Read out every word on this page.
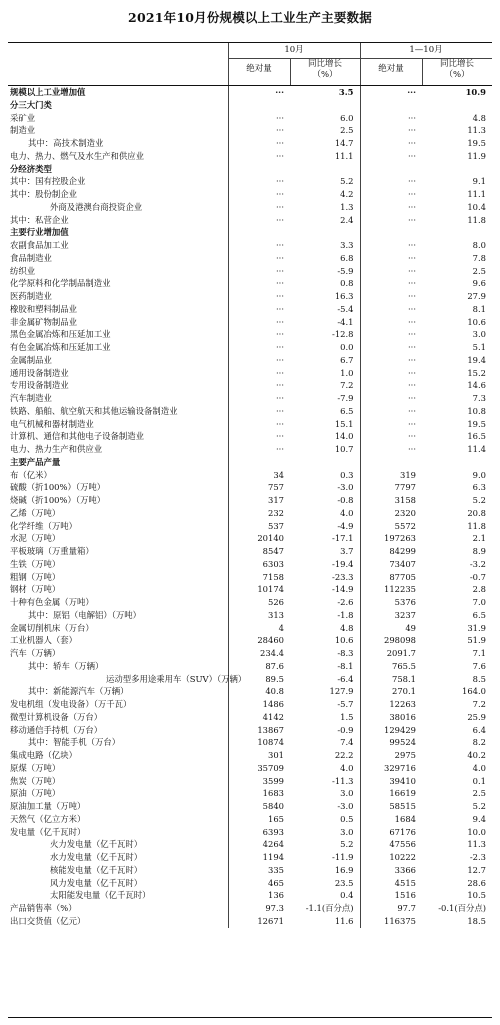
2021年10月份规模以上工业生产主要数据
10月	1—10月
绝对量	同比增长
（%）
绝对量	同比增长
（%）
规模以上工业增加值	···	3.5	···	10.9
分三大门类				
采矿业	···	6.0	···	4.8
制造业	···	2.5	···	11.3
其中：高技术制造业	···	14.7	···	19.5
电力、热力、燃气及水生产和供应业	···	11.1	···	11.9
分经济类型				
其中：国有控股企业	···	5.2	···	9.1
其中：股份制企业	···	4.2	···	11.1
外商及港澳台商投资企业	···	1.3	···	10.4
其中：私营企业	···	2.4	···	11.8
主要行业增加值				
农副食品加工业	···	3.3	···	8.0
食品制造业	···	6.8	···	7.8
纺织业	···	-5.9	···	2.5
化学原料和化学制品制造业	···	0.8	···	9.6
医药制造业	···	16.3	···	27.9
橡胶和塑料制品业	···	-5.4	···	8.1
非金属矿物制品业	···	-4.1	···	10.6
黑色金属冶炼和压延加工业	···	-12.8	···	3.0
有色金属冶炼和压延加工业	···	0.0	···	5.1
金属制品业	···	6.7	···	19.4
通用设备制造业	···	1.0	···	15.2
专用设备制造业	···	7.2	···	14.6
汽车制造业	···	-7.9	···	7.3
铁路、船舶、航空航天和其他运输设备制造业	···	6.5	···	10.8
电气机械和器材制造业	···	15.1	···	19.5
计算机、通信和其他电子设备制造业	···	14.0	···	16.5
电力、热力生产和供应业	···	10.7	···	11.4
主要产品产量				
布（亿米）	34	0.3	319	9.0
硫酸（折100%）（万吨）	757	-3.0	7797	6.3
烧碱（折100%）（万吨）	317	-0.8	3158	5.2
乙烯（万吨）	232	4.0	2320	20.8
化学纤维（万吨）	537	-4.9	5572	11.8
水泥（万吨）	20140	-17.1	197263	2.1
平板玻璃（万重量箱）	8547	3.7	84299	8.9
生铁（万吨）	6303	-19.4	73407	-3.2
粗钢（万吨）	7158	-23.3	87705	-0.7
钢材（万吨）	10174	-14.9	112235	2.8
十种有色金属（万吨）	526	-2.6	5376	7.0
其中：原铝（电解铝）（万吨）	313	-1.8	3237	6.5
金属切削机床（万台）	4	4.8	49	31.9
工业机器人（套）	28460	10.6	298098	51.9
汽车（万辆）	234.4	-8.3	2091.7	7.1
其中：轿车（万辆）	87.6	-8.1	765.5	7.6
运动型多用途乘用车（SUV）（万辆）	89.5	-6.4	758.1	8.5
其中：新能源汽车（万辆）	40.8	127.9	270.1	164.0
发电机组（发电设备）（万千瓦）	1486	-5.7	12263	7.2
微型计算机设备（万台）	4142	1.5	38016	25.9
移动通信手持机（万台）	13867	-0.9	129429	6.4
其中：智能手机（万台）	10874	7.4	99524	8.2
集成电路（亿块）	301	22.2	2975	40.2
原煤（万吨）	35709	4.0	329716	4.0
焦炭（万吨）	3599	-11.3	39410	0.1
原油（万吨）	1683	3.0	16619	2.5
原油加工量（万吨）	5840	-3.0	58515	5.2
天然气（亿立方米）	165	0.5	1684	9.4
发电量（亿千瓦时）	6393	3.0	67176	10.0
火力发电量（亿千瓦时）	4264	5.2	47556	11.3
水力发电量（亿千瓦时）	1194	-11.9	10222	-2.3
核能发电量（亿千瓦时）	335	16.9	3366	12.7
风力发电量（亿千瓦时）	465	23.5	4515	28.6
太阳能发电量（亿千瓦时）	136	0.4	1516	10.5
产品销售率（%）	97.3	-1.1(百分点)	97.7	-0.1(百分点)
出口交货值（亿元）	12671	11.6	116375	18.5
